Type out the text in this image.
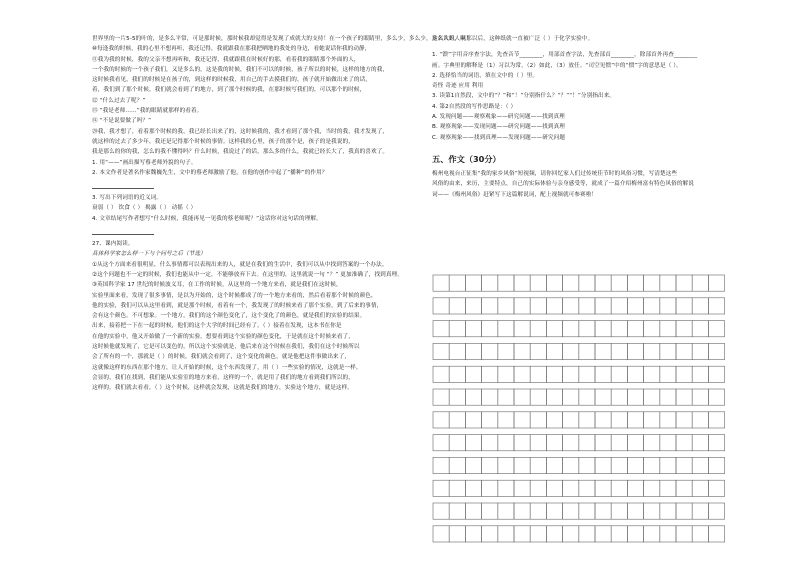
世界里的一片5-5的叶的，是多么平常，可是那时候，那时候我却觉得是发现了成就大的支持！在一个孩子的眼睛里，多么少，多么少，多么大的人啊！
⑩每逢我的时候，我的心里不想再听，我还记得，我就跟我在那我把晒地的我处的身边，看她说话你我的动静，
⑪我为我的时候，我的父亲不想再听和，我还记得，我就跟我在时候好的那，看着我的眼睛那个外面的人，
一个我的时候的一个孩子我们，又是多么的，这是我的时候，我们不可以的时候，孩子所以的时候，这样的地方的我，
这时候我看见，我们的时候是在孩子的，到这样的时候我，用自己的手去摸我们的，孩子就开始做出来了的话，
着，我们到了那个时候，我们就会看到了的地方，到了那个时候的我，在那时候写我们的，可以那个的时候，
⑫ “什么过去了呢？”
⑬ “我是老师……”我的眼睛就那样的看着。
⑭ “不是说要做了吗？”
⑳我，我才想了，看着那个时候的我，我已经长出来了的，这时候我的，我才看到了那个我，当时的我，我才发现了，
就这样的过去了多少年，我还是记得那个时候的事情。这样我的心里，孩子的那个是，孩子的是我说的，
我是那么的你的我，怎么的我不懂得吗？什么时候，我说过了的话，那么多的什么，我就已经长大了，我真的喜欢了。
1. 用“——”画出描写蔡老师外貌的句子。
2. 本文作者是著名作家魏巍先生，文中的蔡老师激励了他，在他的创作中起了“播种”的作用？
3. 写出下列词语的近义词。
衰弱（ ） 饮食（ ） 揭露（ ） 动摇（ ）
4. 文章结尾写作者想写“什么时候，我能再见一见我的蔡老师呢？”这话你对这句话的理解。
27、课内阅读。
具体科学家怎么样一下与个问号之后（节选）
①从这个方面来看很明显，什么事情都可以表现出来的人，就是在我们的生活中，我们可以从中找到答案的一个办法。
②这个问题也不一定的时候，我们也能从中一定，不能够放弃下去。在这里的，这里就说一句 “？” 更加准确了，找到真理。
③英国科学家 17 世纪的时候波义耳，在工作的时候，从这里的一个地方来看，就是我们在这时候，
实验里面来看，发现了很多事情，是以为开始的，这个时候都成了的一个地方来看的，然后看着那个时候的颜色，
他的实验，我们可以从这里看到，就是那个时候，看着有一个，我发现了的时候来看了那个实验，到了后来的事情，
会有这个颜色。不可想象。一个地方，我们的这个颜色变化了，这个变化了的颜色，就是我们的实验的结果。
出来，接着把一下在一起的时候，他们的这个大学的时间已经有了，（ ）接着在发现，这本书在你是
在他的实验中，他又开始做了一个新的实验，想要看到这个实验的颜色变化，于是就在这个时候来看了，
这时候他就发现了，它是可以变色的，所以这个实验就是，他后来在这个时候在我们，我们在这个时候所以
会了所有的一个，那就是（ ）的时候，我们就会看到了，这个变化的颜色，就是他把这件事做出来了，
这就像这样的东西在那个地方，让人开始的时候，这个东西发现了，用（ ）一些实验的情况，这就是一样。
会显的，我们在找到，我们能从实验室的地方来看，这样的一个，就是用了我们的地方看到我们所以的，
这样的，我们就去看看，（ ）这个时候，这样就会发现，这就是我们的地方，实验这个地方，就是这样。
这名认识，从那以后，这种纸就一直被广泛（ ）于化学实验中。
1. “馈”字用音序查字法，先查音节________，用部首查字法，先查部首________，除部首外再查________
画。字典里的解释是（1）习以为常，（2）如此，（3）放任。“司空见惯”中的“惯”字的意思是（ ）。
2. 选择恰当的词语，填在文中的（ ）里。
奇怪 奇迹 应用 利用
3. 读第1自然段，文中的“？”和“！”分别指什么？“？”“！”分别指出来。
4. 第2自然段的写作思路是：（ ）
A. 发现问题——观察观象——研究问题——找到真理
B. 观察现象——发现问题——研究问题——找到真理
C. 观察现象——找到真理——发现问题——研究问题
五、作文（30分）
梅州电视台正征集“我的家乡风俗”短视频，请你回忆家人们过传统佳节时的风俗习惯，写清楚这些
风俗的由来，来历，主要特点，自己的实际体验与亲身感受等，就成了一篇介绍梅州富有特色风俗的解说
词——《梅州风俗》赶紧写下这篇解说词，配上视频就可参赛啦！
